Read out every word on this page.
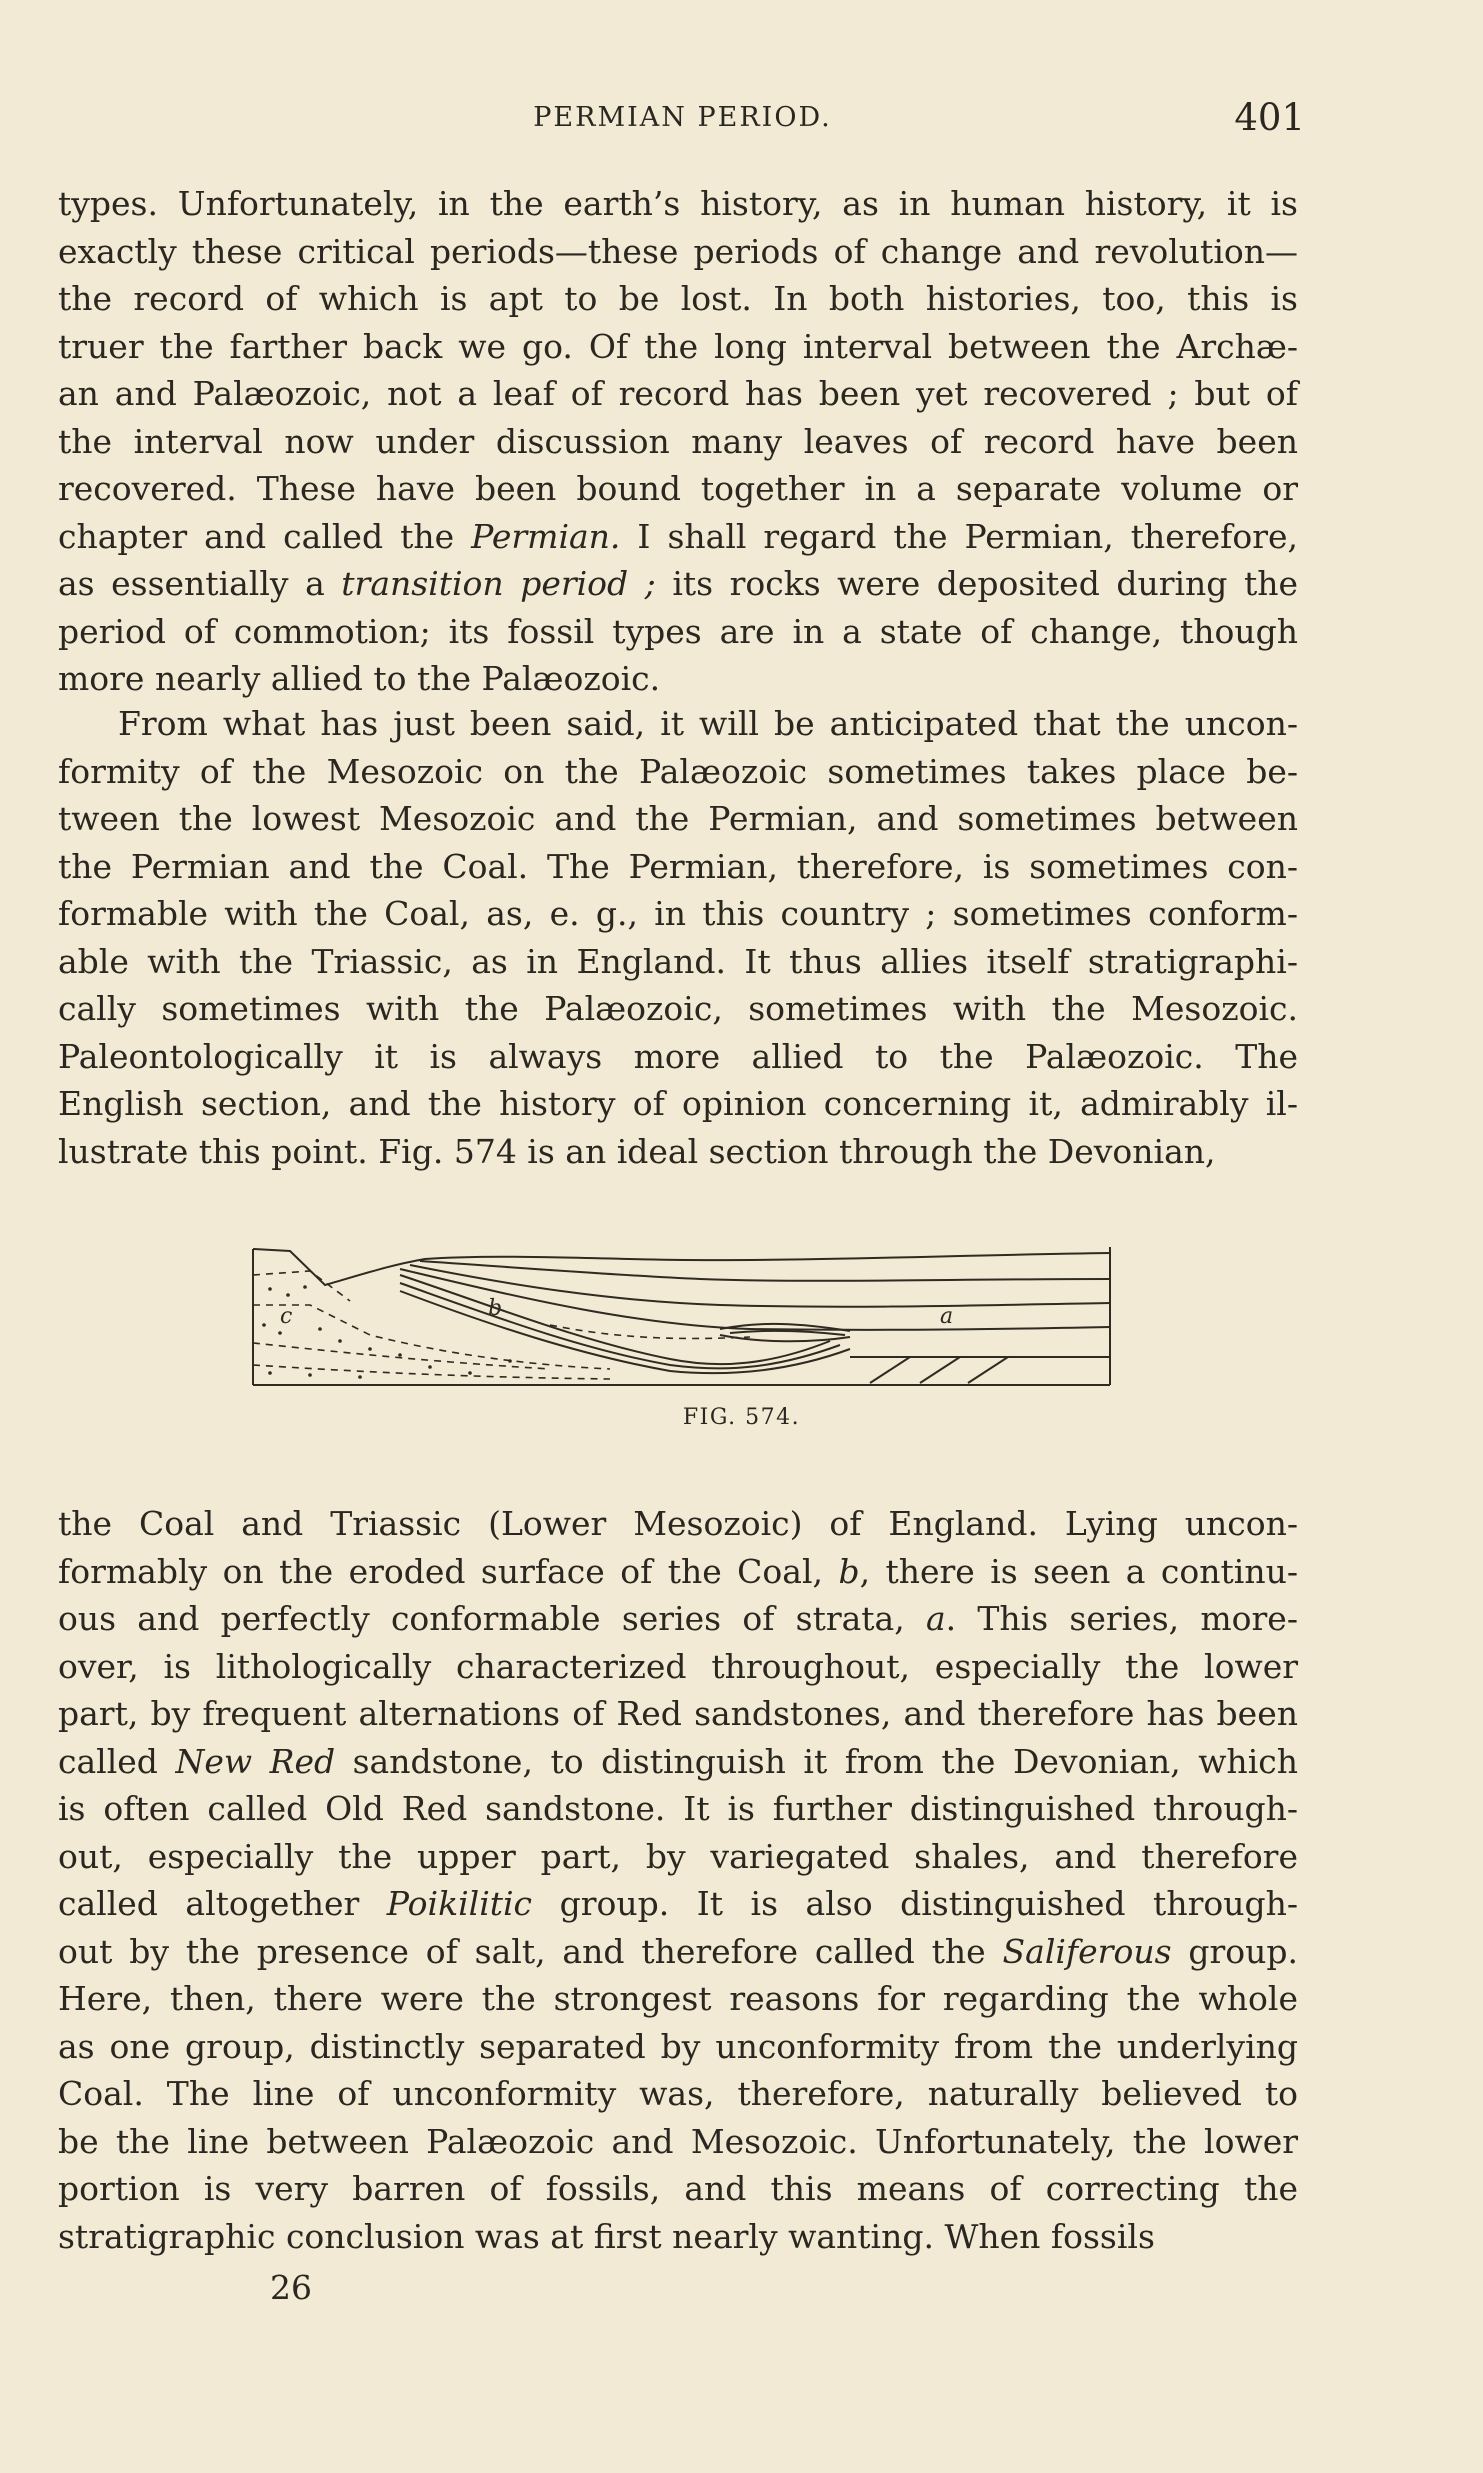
PERMIAN PERIOD.	401
types. Unfortunately, in the earth’s history, as in human history, it is
exactly these critical periods—these periods of change and revolution—
the record of which is apt to be lost. In both histories, too, this is
truer the farther back we go. Of the long interval between the Archæ-
an and Palæozoic, not a leaf of record has been yet recovered ; but of
the interval now under discussion many leaves of record have been
recovered. These have been bound together in a separate volume or
chapter and called the Permian. I shall regard the Permian, therefore,
as essentially a transition period ; its rocks were deposited during the
period of commotion; its fossil types are in a state of change, though
more nearly allied to the Palæozoic.
From what has just been said, it will be anticipated that the uncon-
formity of the Mesozoic on the Palæozoic sometimes takes place be-
tween the lowest Mesozoic and the Permian, and sometimes between
the Permian and the Coal. The Permian, therefore, is sometimes con-
formable with the Coal, as, e. g., in this country ; sometimes conform-
able with the Triassic, as in England. It thus allies itself stratigraphi-
cally sometimes with the Palæozoic, sometimes with the Mesozoic.
Paleontologically it is always more allied to the Palæozoic. The
English section, and the history of opinion concerning it, admirably il-
lustrate this point. Fig. 574 is an ideal section through the Devonian,
c	b	a
FIG. 574.
the Coal and Triassic (Lower Mesozoic) of England. Lying uncon-
formably on the eroded surface of the Coal, b, there is seen a continu-
ous and perfectly conformable series of strata, a. This series, more-
over, is lithologically characterized throughout, especially the lower
part, by frequent alternations of Red sandstones, and therefore has been
called New Red sandstone, to distinguish it from the Devonian, which
is often called Old Red sandstone. It is further distinguished through-
out, especially the upper part, by variegated shales, and therefore
called altogether Poikilitic group. It is also distinguished through-
out by the presence of salt, and therefore called the Saliferous group.
Here, then, there were the strongest reasons for regarding the whole
as one group, distinctly separated by unconformity from the underlying
Coal. The line of unconformity was, therefore, naturally believed to
be the line between Palæozoic and Mesozoic. Unfortunately, the lower
portion is very barren of fossils, and this means of correcting the
stratigraphic conclusion was at first nearly wanting. When fossils
26
